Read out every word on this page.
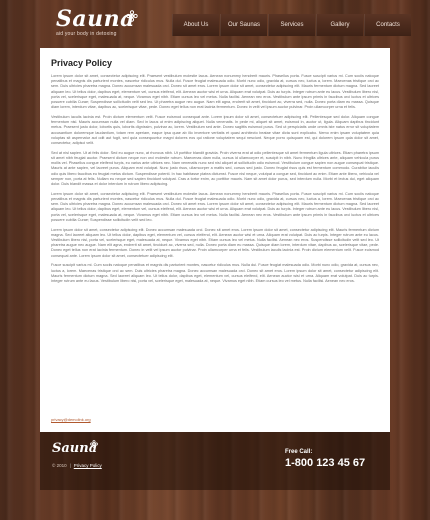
Sauna
aid your body in detoxing
About Us	Our Saunas	Services	Gallery	Contacts
Privacy Policy

Lorem ipsum dolor sit amet, consectetur adipiscing elit. Praesent vestibulum molestie lacus. Aenean nonummy hendrerit mauris. Phasellus porta. Fusce suscipit varius mi. Cum sociis natoque penatibus et magnis dis parturient montes, nascetur ridiculus mus. Nulla dui. Fusce feugiat malesuada odio. Morbi nunc odio, gravida at, cursus nec, luctus a, lorem. Maecenas tristique orci ac sem. Duis ultricies pharetra magna. Donec accumsan malesuada orci. Donec sit amet eros. Lorem ipsum dolor sit amet, consectetur adipiscing elit. Mauris fermentum dictum magna. Sed laoreet aliquam leo. Ut tellus dolor, dapibus eget, elementum vel, cursus eleifend, elit. Aenean auctor wisi et urna. Aliquam erat volutpat. Duis ac turpis. Integer rutrum ante eu lacus. Vestibulum libero nisl, porta vel, scelerisque eget, malesuada at, neque. Vivamus eget nibh. Etiam cursus leo vel metus. Nulla facilisi. Aenean nec eros. Vestibulum ante ipsum primis in faucibus orci luctus et ultrices posuere cubilia Curae; Suspendisse sollicitudin velit sed leo. Ut pharetra augue nec augue. Nam elit agna, endrerit sit amet, tincidunt ac, viverra sed, nulla. Donec porta diam eu massa. Quisque diam lorem, interdum vitae, dapibus ac, scelerisque vitae, pede. Donec eget tellus non erat lacinia fermentum. Donec in velit vel ipsum auctor pulvinar. Proin ullamcorper urna et felis.

Vestibulum iaculis lacinia est. Proin dictum elementum velit. Fusce euismod consequat ante. Lorem ipsum dolor sit amet, consectetuer adipiscing elit. Pellentesque sed dolor. Aliquam congue fermentum nisl. Mauris accumsan nulla vel diam. Sed in lacus ut enim adipiscing aliquet. Nulla venenatis. In pede mi, aliquet sit amet, euismod in, auctor ut, ligula. Aliquam dapibus tincidunt metus. Praesent justo dolor, lobortis quis, lobortis dignissim, pulvinar ac, lorem. Vestibulum sed ante. Donec sagittis euismod purus. Sed ut perspiciatis unde omnis iste natus error sit voluptatem accusantium doloremque laudantium, totam rem aperiam, eaque ipsa quae ab illo inventore veritatis et quasi architecto beatae vitae dicta sunt explicabo. Nemo enim ipsam voluptatem quia voluptas sit aspernatur aut odit aut fugit, sed quia consequuntur magni dolores eos qui ratione voluptatem sequi nesciunt. Neque porro quisquam est, qui dolorem ipsum quia dolor sit amet, consectetur, adipisci velit.

Sed at nisl sapien. Ut at felis dolor. Sed eu augue nunc, at rhoncus nibh. Ut porttitor blandit gravida. Proin viverra erat at odio pellentesque sit amet fermentum ligula ultrices. Etiam pharetra ipsum sit amet nibh feugiat auctor. Praesent dictum neque non orci molestie rutrum. Maecenas diam nulla, cursus id ullamcorper et, suscipit in nibh. Nunc fringilla ultrices ante, aliquam vehicula purus mollis vel. Phasellus congue eleifend turpis, eu varius ante ultrices nec. Nam venenatis nunc sed nisl aliquet at sollicitudin odio euismod. Vestibulum congue sapien non augue consequat tristique. Mauris at ante sapien, vel laoreet purus. Aliquam erat volutpat. Nunc justo risus, ullamcorper a mattis sed, cursus sed justo. Donec feugiat risus quis est fermentum commodo. Curabitur iaculis odio quis libero faucibus eu feugiat metus dictum. Suspendisse potenti. In hac habitasse platea dictumst. Fusce nisl neque, volutpat a congue sed, tincidunt ac enim. Etiam ante libero, vehicula vel semper non, porta at felis. Nullam eu neque sed sapien tincidunt volutpat. Cras a tortor enim, ac porttitor mauris. Nam sit amet dolor purus, sed interdum nulla. Morbi et lectus dui, eget aliquam dolor. Duis blandit massa et dolor interdum in rutrum libero adipiscing.

Lorem ipsum dolor sit amet, consectetur adipiscing elit. Praesent vestibulum molestie lacus. Aenean nonummy hendrerit mauris. Phasellus porta. Fusce suscipit varius mi. Cum sociis natoque penatibus et magnis dis parturient montes, nascetur ridiculus mus. Nulla dui. Fusce feugiat malesuada odio. Morbi nunc odio, gravida at, cursus nec, luctus a, lorem. Maecenas tristique orci ac sem. Duis ultricies pharetra magna. Donec accumsan malesuada orci. Donec sit amet eros. Lorem ipsum dolor sit amet, consectetur adipiscing elit. Mauris fermentum dictum magna. Sed laoreet aliquam leo. Ut tellus dolor, dapibus eget, elementum vel, cursus eleifend, elit. Aenean auctor wisi et urna. Aliquam erat volutpat. Duis ac turpis. Integer rutrum ante eu lacus. Vestibulum libero nisl, porta vel, scelerisque eget, malesuada at, neque. Vivamus eget nibh. Etiam cursus leo vel metus. Nulla facilisi. Aenean nec eros. Vestibulum ante ipsum primis in faucibus orci luctus et ultrices posuere cubilia Curae; Suspendisse sollicitudin velit sed leo.

Lorem ipsum dolor sit amet, consectetur adipiscing elit. Donec accumsan malesuada orci. Donec sit amet eros. Lorem ipsum dolor sit amet, consectetur adipiscing elit. Mauris fermentum dictum magna. Sed laoreet aliquam leo. Ut tellus dolor, dapibus eget, elementum vel, cursus eleifend, elit. Aenean auctor wisi et urna. Aliquam erat volutpat. Duis ac turpis. Integer rutrum ante eu lacus. Vestibulum libero nisl, porta vel, scelerisque eget, malesuada at, neque. Vivamus eget nibh. Etiam cursus leo vel metus. Nulla facilisi. Aenean nec eros. Suspendisse sollicitudin velit sed leo. Ut pharetra augue nec augue. Nam elit agna, endrerit sit amet, tincidunt ac, viverra sed, nulla. Donec porta diam eu massa. Quisque diam lorem, interdum vitae, dapibus ac, scelerisque vitae, pede. Donec eget tellus non erat lacinia fermentum. Donec in velit vel ipsum auctor pulvinar. Proin ullamcorper urna et felis. Vestibulum iaculis lacinia est. Proin dictum elementum velit. Fusce euismod consequat ante. Lorem ipsum dolor sit amet, consectetuer adipiscing elit.

Fusce suscipit varius mi. Cum sociis natoque penatibus et magnis dis parturient montes, nascetur ridiculus mus. Nulla dui. Fusce feugiat malesuada odio. Morbi nunc odio, gravida at, cursus nec, luctus a, lorem. Maecenas tristique orci ac sem. Duis ultricies pharetra magna. Donec accumsan malesuada orci. Donec sit amet eros. Lorem ipsum dolor sit amet, consectetur adipiscing elit. Mauris fermentum dictum magna. Sed laoreet aliquam leo. Ut tellus dolor, dapibus eget, elementum vel, cursus eleifend, elit. Aenean auctor wisi et urna. Aliquam erat volutpat. Duis ac turpis. Integer rutrum ante eu lacus. Vestibulum libero nisl, porta vel, scelerisque eget, malesuada at, neque. Vivamus eget nibh. Etiam cursus leo vel metus. Nulla facilisi. Aenean nec eros.

privacy@demolink.org
Sauna
© 2010 | Privacy Policy
Free Call:
1-800 123 45 67
